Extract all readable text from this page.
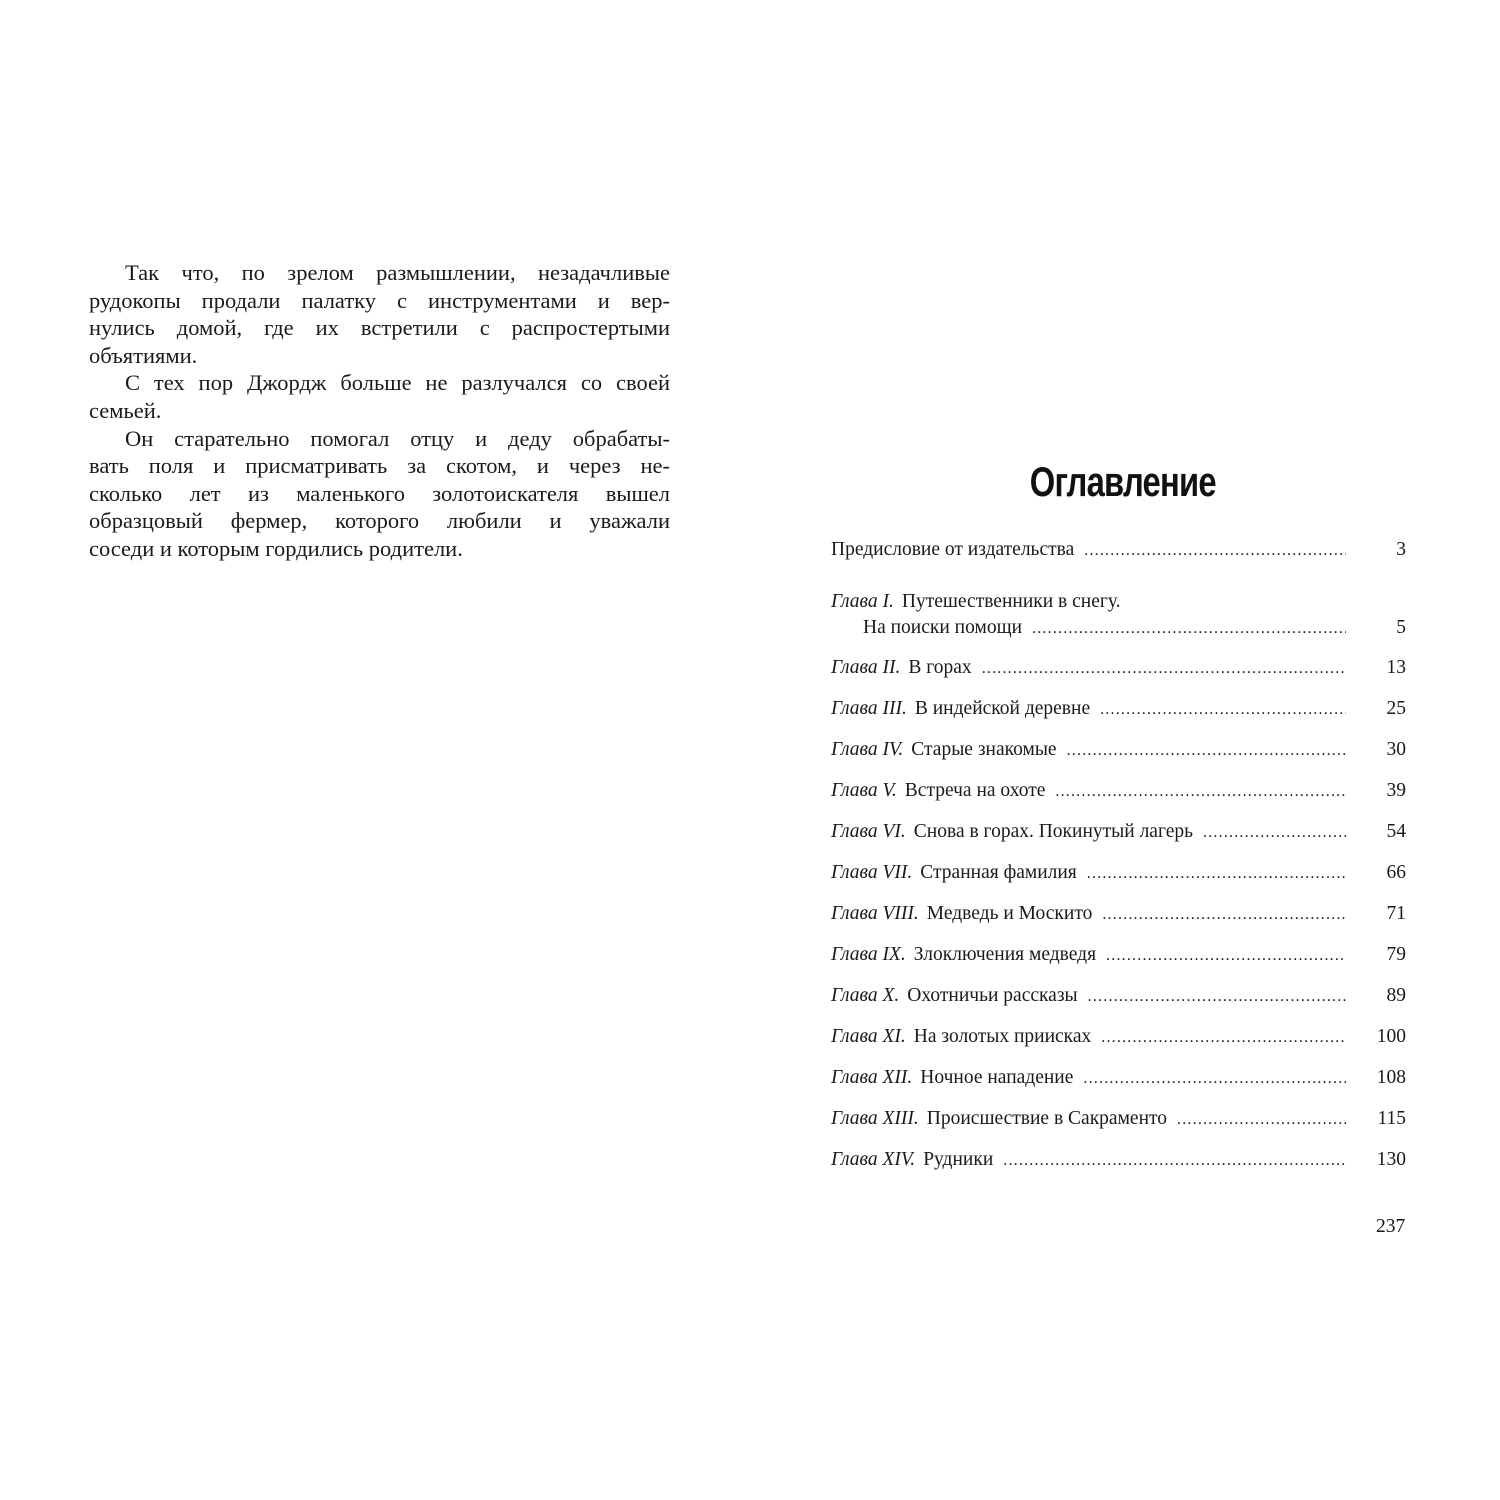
Так что, по зрелом размышлении, незадачливые
рудокопы продали палатку с инструментами и вер-
нулись домой, где их встретили с распростертыми
объятиями.
С тех пор Джордж больше не разлучался со своей
семьей.
Он старательно помогал отцу и деду обрабаты-
вать поля и присматривать за скотом, и через не-
сколько лет из маленького золотоискателя вышел
образцовый фермер, которого любили и уважали
соседи и которым гордились родители.
Оглавление
Предисловие от издательства .....	3
Глава I. Путешественники в снегу.
На поиски помощи .....	5
Глава II. В горах .....	13
Глава III. В индейской деревне .....	25
Глава IV. Старые знакомые .....	30
Глава V. Встреча на охоте .....	39
Глава VI. Снова в горах. Покинутый лагерь .....	54
Глава VII. Странная фамилия .....	66
Глава VIII. Медведь и Москито .....	71
Глава IX. Злоключения медведя .....	79
Глава X. Охотничьи рассказы .....	89
Глава XI. На золотых приисках .....	100
Глава XII. Ночное нападение .....	108
Глава XIII. Происшествие в Сакраменто .....	115
Глава XIV. Рудники .....	130
237
